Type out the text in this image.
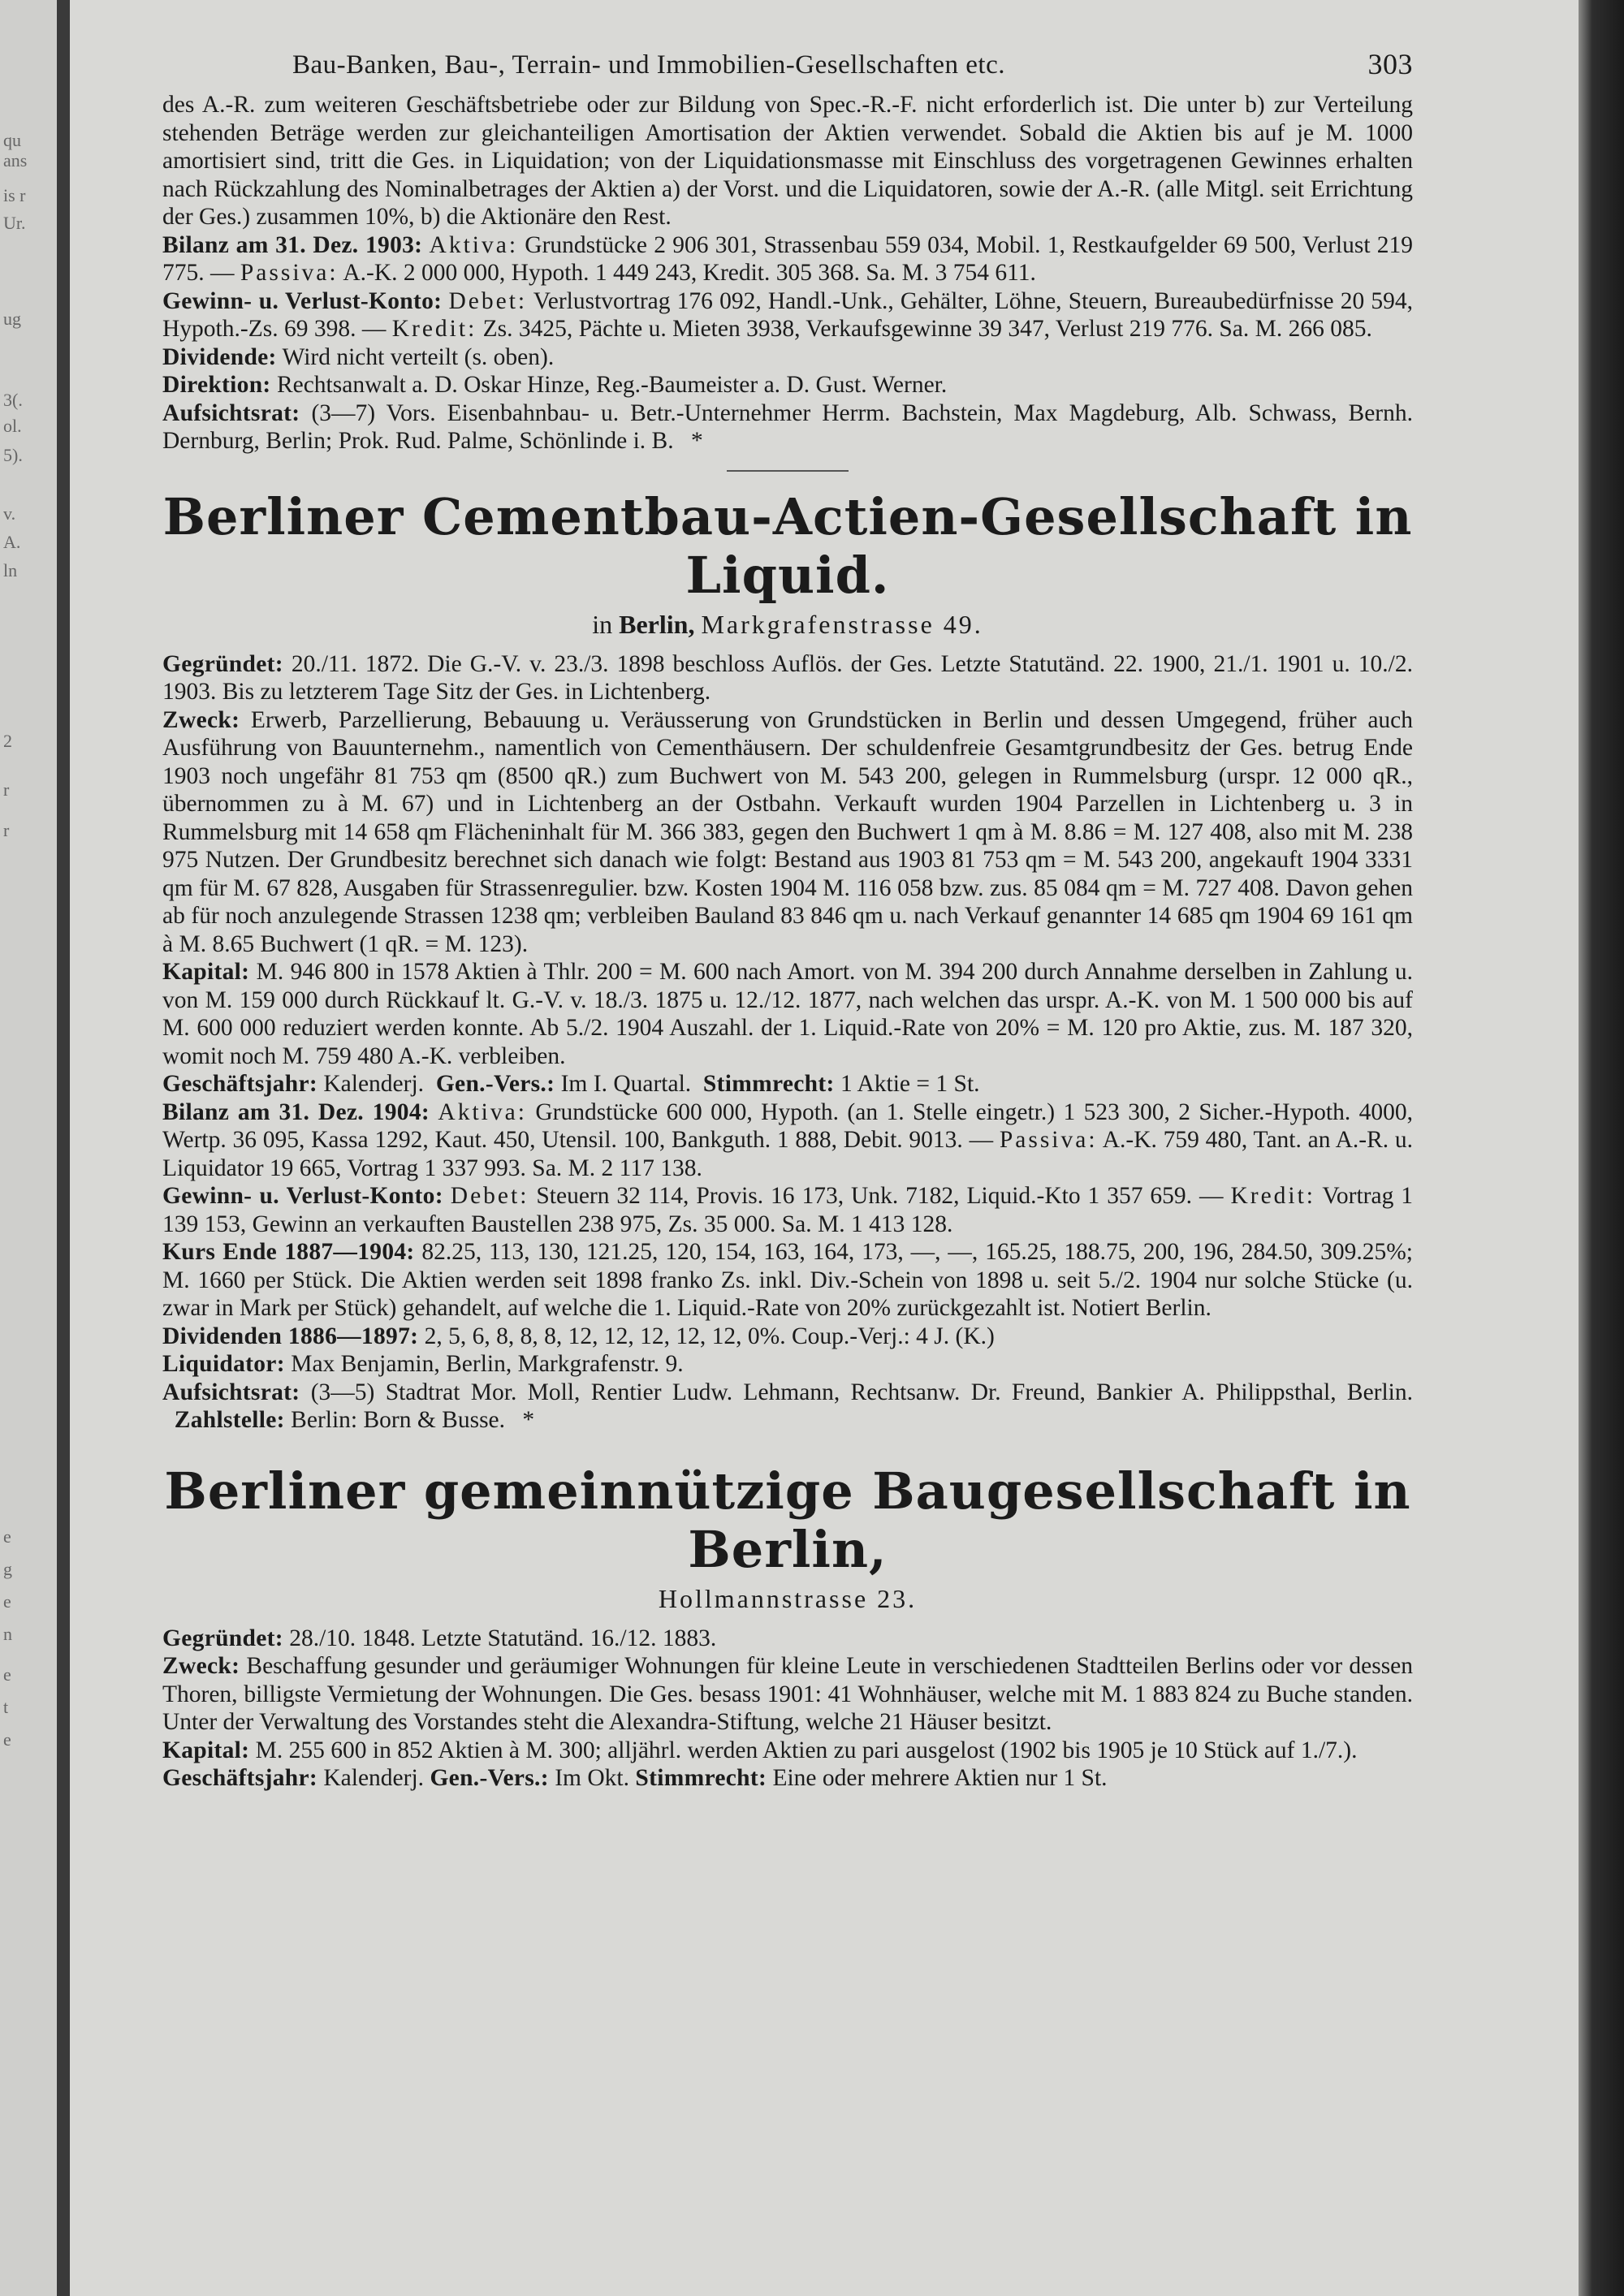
qu
ans
is r
Ur.
ug
3(.
ol.
5).
v.
A.
ln
2
r
r
e
g
e
n
e
t
e
Bau-Banken, Bau-, Terrain- und Immobilien-Gesellschaften etc.	303

des A.-R. zum weiteren Geschäftsbetriebe oder zur Bildung von Spec.-R.-F. nicht erforderlich ist. Die unter b) zur Verteilung stehenden Beträge werden zur gleichanteiligen Amortisation der Aktien verwendet. Sobald die Aktien bis auf je M. 1000 amortisiert sind, tritt die Ges. in Liquidation; von der Liquidationsmasse mit Einschluss des vorgetragenen Gewinnes erhalten nach Rückzahlung des Nominalbetrages der Aktien a) der Vorst. und die Liquidatoren, sowie der A.-R. (alle Mitgl. seit Errichtung der Ges.) zusammen 10%, b) die Aktionäre den Rest.

Bilanz am 31. Dez. 1903: Aktiva: Grundstücke 2 906 301, Strassenbau 559 034, Mobil. 1, Restkaufgelder 69 500, Verlust 219 775. — Passiva: A.-K. 2 000 000, Hypoth. 1 449 243, Kredit. 305 368. Sa. M. 3 754 611.

Gewinn- u. Verlust-Konto: Debet: Verlustvortrag 176 092, Handl.-Unk., Gehälter, Löhne, Steuern, Bureaubedürfnisse 20 594, Hypoth.-Zs. 69 398. — Kredit: Zs. 3425, Pächte u. Mieten 3938, Verkaufsgewinne 39 347, Verlust 219 776. Sa. M. 266 085.

Dividende: Wird nicht verteilt (s. oben).

Direktion: Rechtsanwalt a. D. Oskar Hinze, Reg.-Baumeister a. D. Gust. Werner.

Aufsichtsrat: (3—7) Vors. Eisenbahnbau- u. Betr.-Unternehmer Herrm. Bachstein, Max Magdeburg, Alb. Schwass, Bernh. Dernburg, Berlin; Prok. Rud. Palme, Schönlinde i. B. *

Berliner Cementbau-Actien-Gesellschaft in Liquid.
in Berlin, Markgrafenstrasse 49.

Gegründet: 20./11. 1872. Die G.-V. v. 23./3. 1898 beschloss Auflös. der Ges. Letzte Statutänd. 22. 1900, 21./1. 1901 u. 10./2. 1903. Bis zu letzterem Tage Sitz der Ges. in Lichtenberg.

Zweck: Erwerb, Parzellierung, Bebauung u. Veräusserung von Grundstücken in Berlin und dessen Umgegend, früher auch Ausführung von Bauunternehm., namentlich von Cementhäusern. Der schuldenfreie Gesamtgrundbesitz der Ges. betrug Ende 1903 noch ungefähr 81 753 qm (8500 qR.) zum Buchwert von M. 543 200, gelegen in Rummelsburg (urspr. 12 000 qR., übernommen zu à M. 67) und in Lichtenberg an der Ostbahn. Verkauft wurden 1904 Parzellen in Lichtenberg u. 3 in Rummelsburg mit 14 658 qm Flächeninhalt für M. 366 383, gegen den Buchwert 1 qm à M. 8.86 = M. 127 408, also mit M. 238 975 Nutzen. Der Grundbesitz berechnet sich danach wie folgt: Bestand aus 1903 81 753 qm = M. 543 200, angekauft 1904 3331 qm für M. 67 828, Ausgaben für Strassenregulier. bzw. Kosten 1904 M. 116 058 bzw. zus. 85 084 qm = M. 727 408. Davon gehen ab für noch anzulegende Strassen 1238 qm; verbleiben Bauland 83 846 qm u. nach Verkauf genannter 14 685 qm 1904 69 161 qm à M. 8.65 Buchwert (1 qR. = M. 123).

Kapital: M. 946 800 in 1578 Aktien à Thlr. 200 = M. 600 nach Amort. von M. 394 200 durch Annahme derselben in Zahlung u. von M. 159 000 durch Rückkauf lt. G.-V. v. 18./3. 1875 u. 12./12. 1877, nach welchen das urspr. A.-K. von M. 1 500 000 bis auf M. 600 000 reduziert werden konnte. Ab 5./2. 1904 Auszahl. der 1. Liquid.-Rate von 20% = M. 120 pro Aktie, zus. M. 187 320, womit noch M. 759 480 A.-K. verbleiben.

Geschäftsjahr: Kalenderj. Gen.-Vers.: Im I. Quartal. Stimmrecht: 1 Aktie = 1 St.

Bilanz am 31. Dez. 1904: Aktiva: Grundstücke 600 000, Hypoth. (an 1. Stelle eingetr.) 1 523 300, 2 Sicher.-Hypoth. 4000, Wertp. 36 095, Kassa 1292, Kaut. 450, Utensil. 100, Bankguth. 1 888, Debit. 9013. — Passiva: A.-K. 759 480, Tant. an A.-R. u. Liquidator 19 665, Vortrag 1 337 993. Sa. M. 2 117 138.

Gewinn- u. Verlust-Konto: Debet: Steuern 32 114, Provis. 16 173, Unk. 7182, Liquid.-Kto 1 357 659. — Kredit: Vortrag 1 139 153, Gewinn an verkauften Baustellen 238 975, Zs. 35 000. Sa. M. 1 413 128.

Kurs Ende 1887—1904: 82.25, 113, 130, 121.25, 120, 154, 163, 164, 173, —, —, 165.25, 188.75, 200, 196, 284.50, 309.25%; M. 1660 per Stück. Die Aktien werden seit 1898 franko Zs. inkl. Div.-Schein von 1898 u. seit 5./2. 1904 nur solche Stücke (u. zwar in Mark per Stück) gehandelt, auf welche die 1. Liquid.-Rate von 20% zurückgezahlt ist. Notiert Berlin.

Dividenden 1886—1897: 2, 5, 6, 8, 8, 8, 12, 12, 12, 12, 12, 0%. Coup.-Verj.: 4 J. (K.)

Liquidator: Max Benjamin, Berlin, Markgrafenstr. 9.

Aufsichtsrat: (3—5) Stadtrat Mor. Moll, Rentier Ludw. Lehmann, Rechtsanw. Dr. Freund, Bankier A. Philippsthal, Berlin.   Zahlstelle: Berlin: Born & Busse. *

Berliner gemeinnützige Baugesellschaft in Berlin,
Hollmannstrasse 23.

Gegründet: 28./10. 1848. Letzte Statutänd. 16./12. 1883.

Zweck: Beschaffung gesunder und geräumiger Wohnungen für kleine Leute in verschiedenen Stadtteilen Berlins oder vor dessen Thoren, billigste Vermietung der Wohnungen. Die Ges. besass 1901: 41 Wohnhäuser, welche mit M. 1 883 824 zu Buche standen. Unter der Verwaltung des Vorstandes steht die Alexandra-Stiftung, welche 21 Häuser besitzt.

Kapital: M. 255 600 in 852 Aktien à M. 300; alljährl. werden Aktien zu pari ausgelost (1902 bis 1905 je 10 Stück auf 1./7.).

Geschäftsjahr: Kalenderj. Gen.-Vers.: Im Okt. Stimmrecht: Eine oder mehrere Aktien nur 1 St.
